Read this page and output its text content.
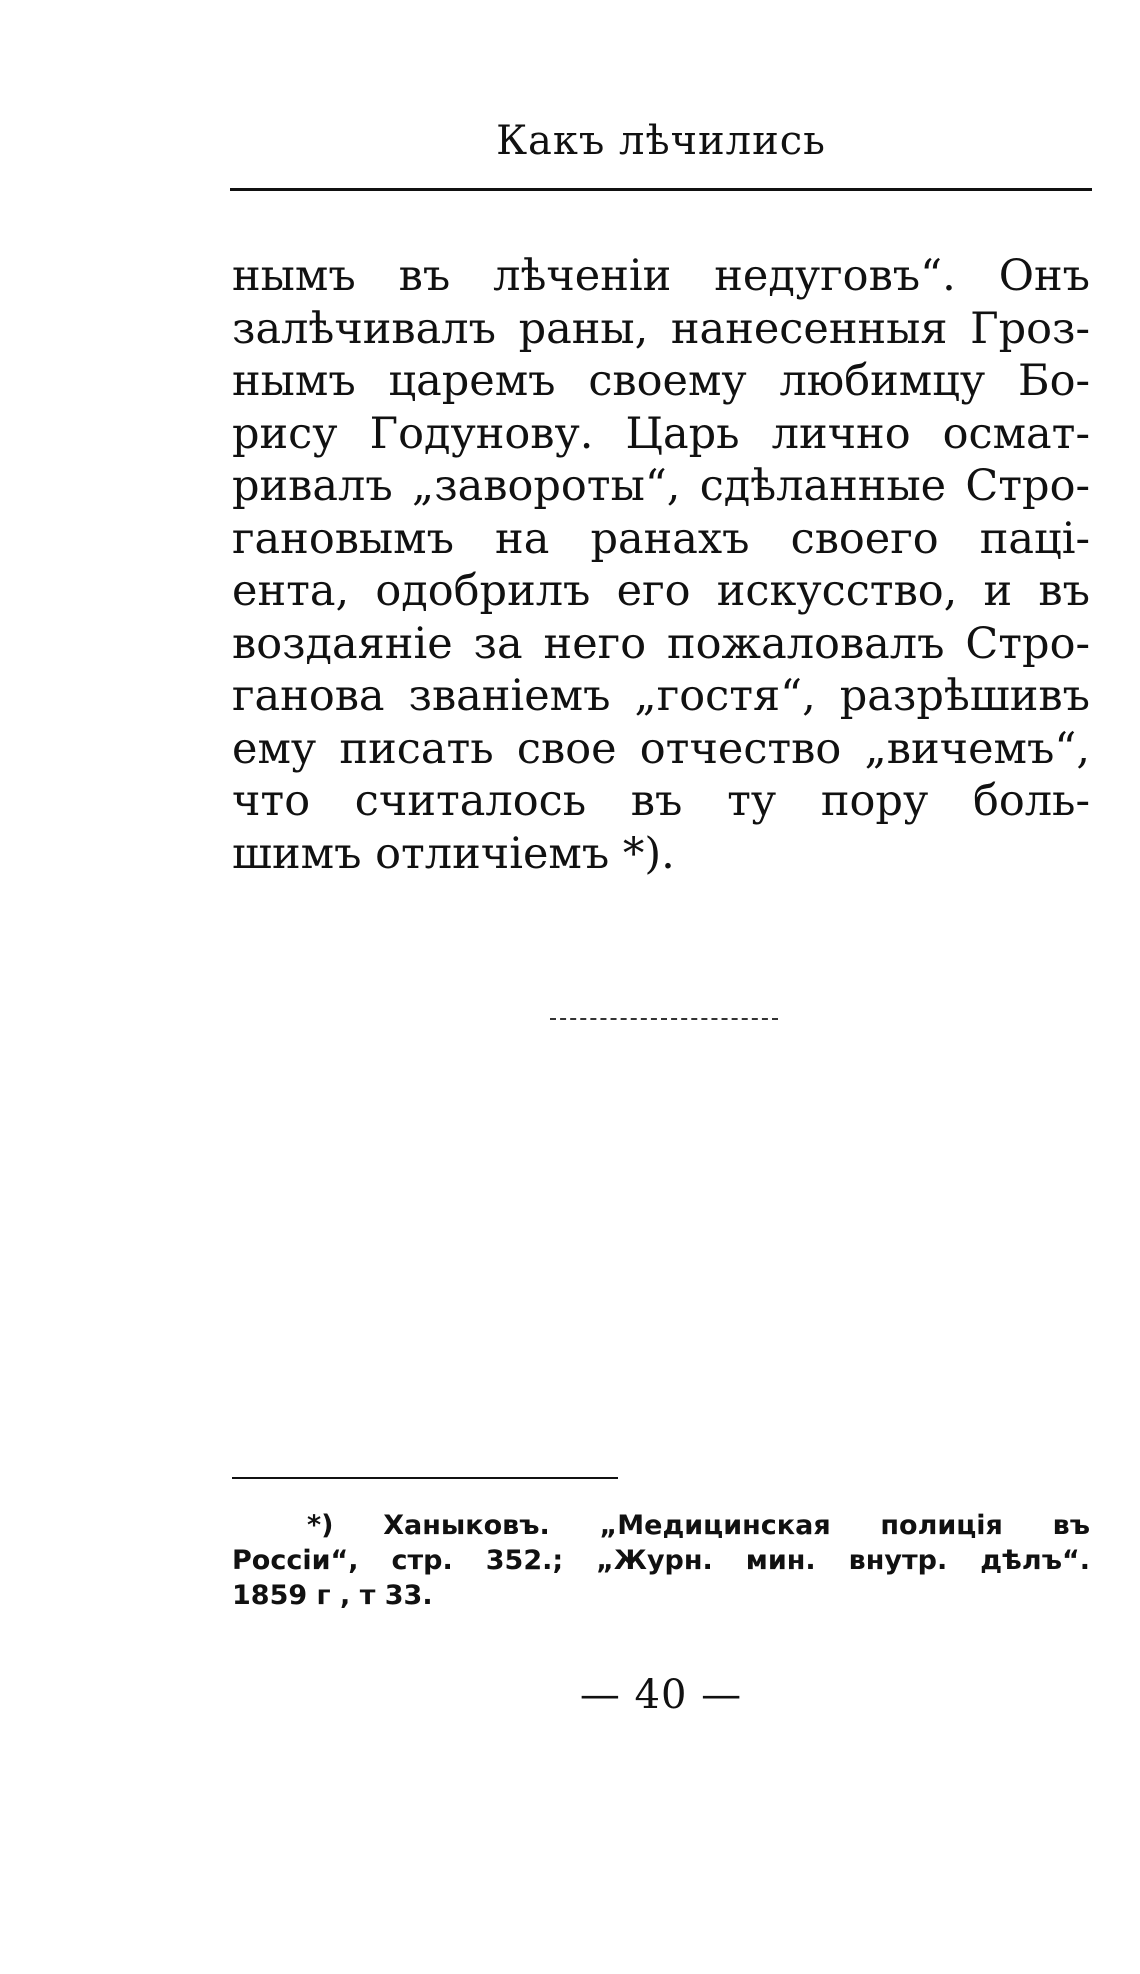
Какъ лѣчились
нымъ въ лѣченіи недуговъ“. Онъ
залѣчивалъ раны, нанесенныя Гроз-
нымъ царемъ своему любимцу Бо-
рису Годунову. Царь лично осмат-
ривалъ „завороты“, сдѣланные Стро-
гановымъ на ранахъ своего паці-
ента, одобрилъ его искусство, и въ
воздаяніе за него пожаловалъ Стро-
ганова званіемъ „гостя“, разрѣшивъ
ему писать свое отчество „вичемъ“,
что считалось въ ту пору боль-
шимъ отличіемъ *).
*) Ханыковъ. „Медицинская полиція въ
Россіи“, стр. 352.; „Журн. мин. внутр. дѣлъ“.
1859 г , т 33.
— 40 —
